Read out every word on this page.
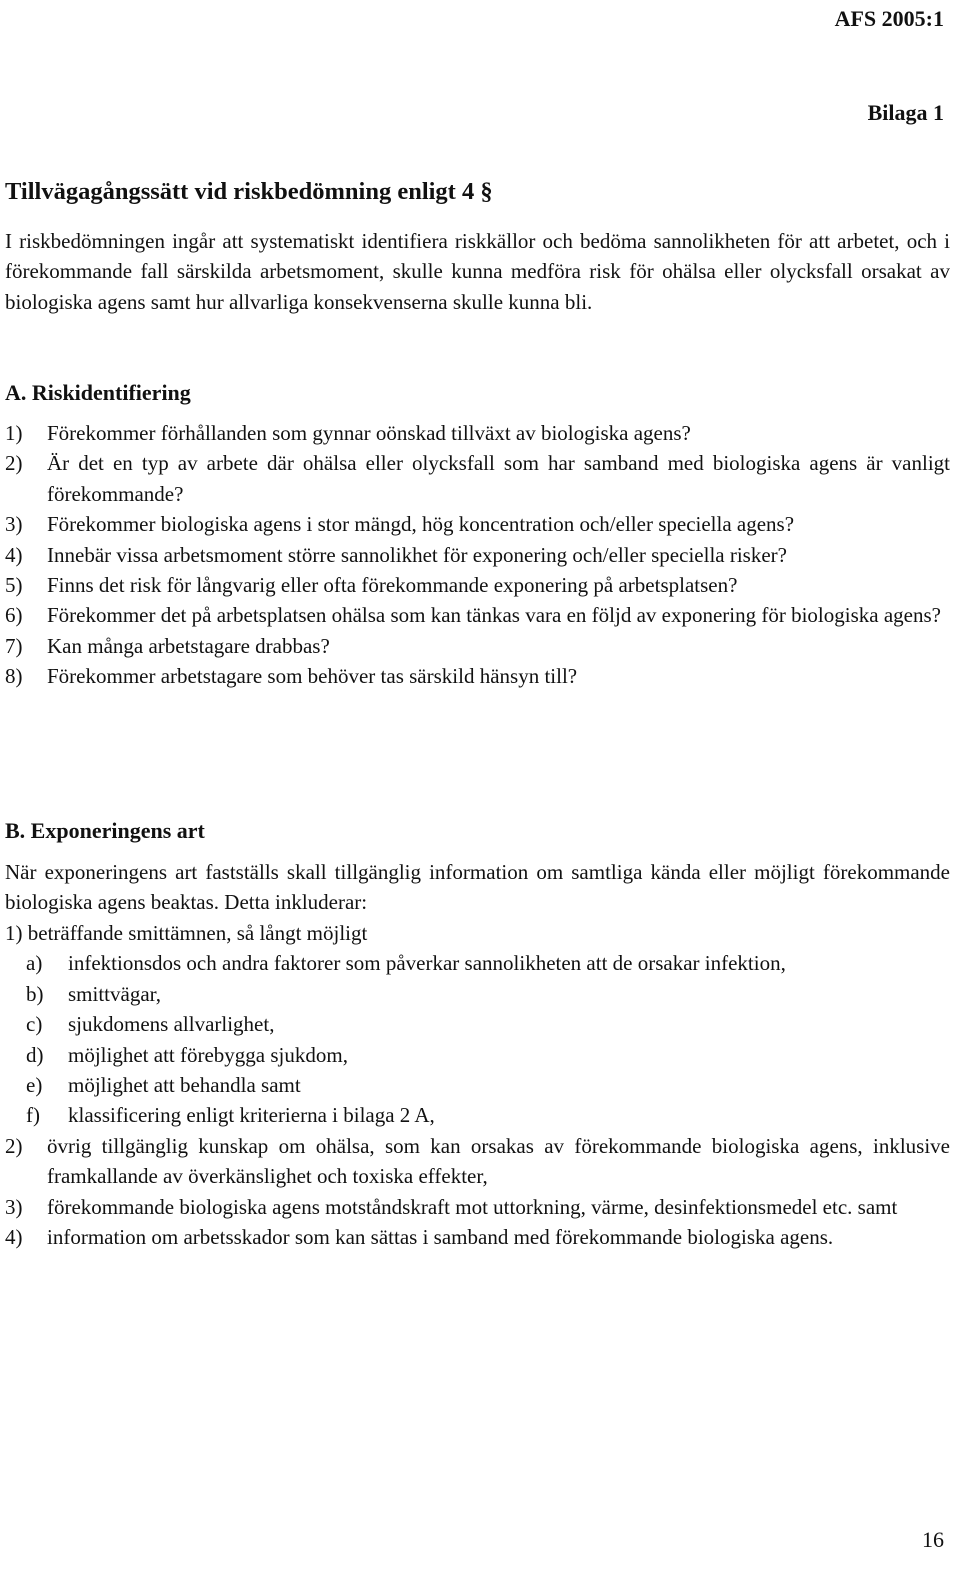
AFS 2005:1
Bilaga 1
Tillvägagångssätt vid riskbedömning enligt 4 §

I riskbedömningen ingår att systematiskt identifiera riskkällor och bedöma sannolikheten för att arbetet, och i förekommande fall särskilda arbetsmoment, skulle kunna medföra risk för ohälsa eller olycksfall orsakat av biologiska agens samt hur allvarliga konsekvenserna skulle kunna bli.

A. Riskidentifiering
1) Förekommer förhållanden som gynnar oönskad tillväxt av biologiska agens?
2) Är det en typ av arbete där ohälsa eller olycksfall som har samband med biologiska agens är vanligt förekommande?
3) Förekommer biologiska agens i stor mängd, hög koncentration och/eller speciella agens?
4) Innebär vissa arbetsmoment större sannolikhet för exponering och/eller speciella risker?
5) Finns det risk för långvarig eller ofta förekommande exponering på arbetsplatsen?
6) Förekommer det på arbetsplatsen ohälsa som kan tänkas vara en följd av exponering för biologiska agens?
7) Kan många arbetstagare drabbas?
8) Förekommer arbetstagare som behöver tas särskild hänsyn till?
B. Exponeringens art

När exponeringens art fastställs skall tillgänglig information om samtliga kända eller möjligt förekommande biologiska agens beaktas. Detta inkluderar:

1) beträffande smittämnen, så långt möjligt
a) infektionsdos och andra faktorer som påverkar sannolikheten att de orsakar infektion,
b) smittvägar,
c) sjukdomens allvarlighet,
d) möjlighet att förebygga sjukdom,
e) möjlighet att behandla samt
f) klassificering enligt kriterierna i bilaga 2 A,
2) övrig tillgänglig kunskap om ohälsa, som kan orsakas av förekommande biologiska agens, inklusive framkallande av överkänslighet och toxiska effekter,
3) förekommande biologiska agens motståndskraft mot uttorkning, värme, desinfektionsmedel etc. samt
4) information om arbetsskador som kan sättas i samband med förekommande biologiska agens.
16
